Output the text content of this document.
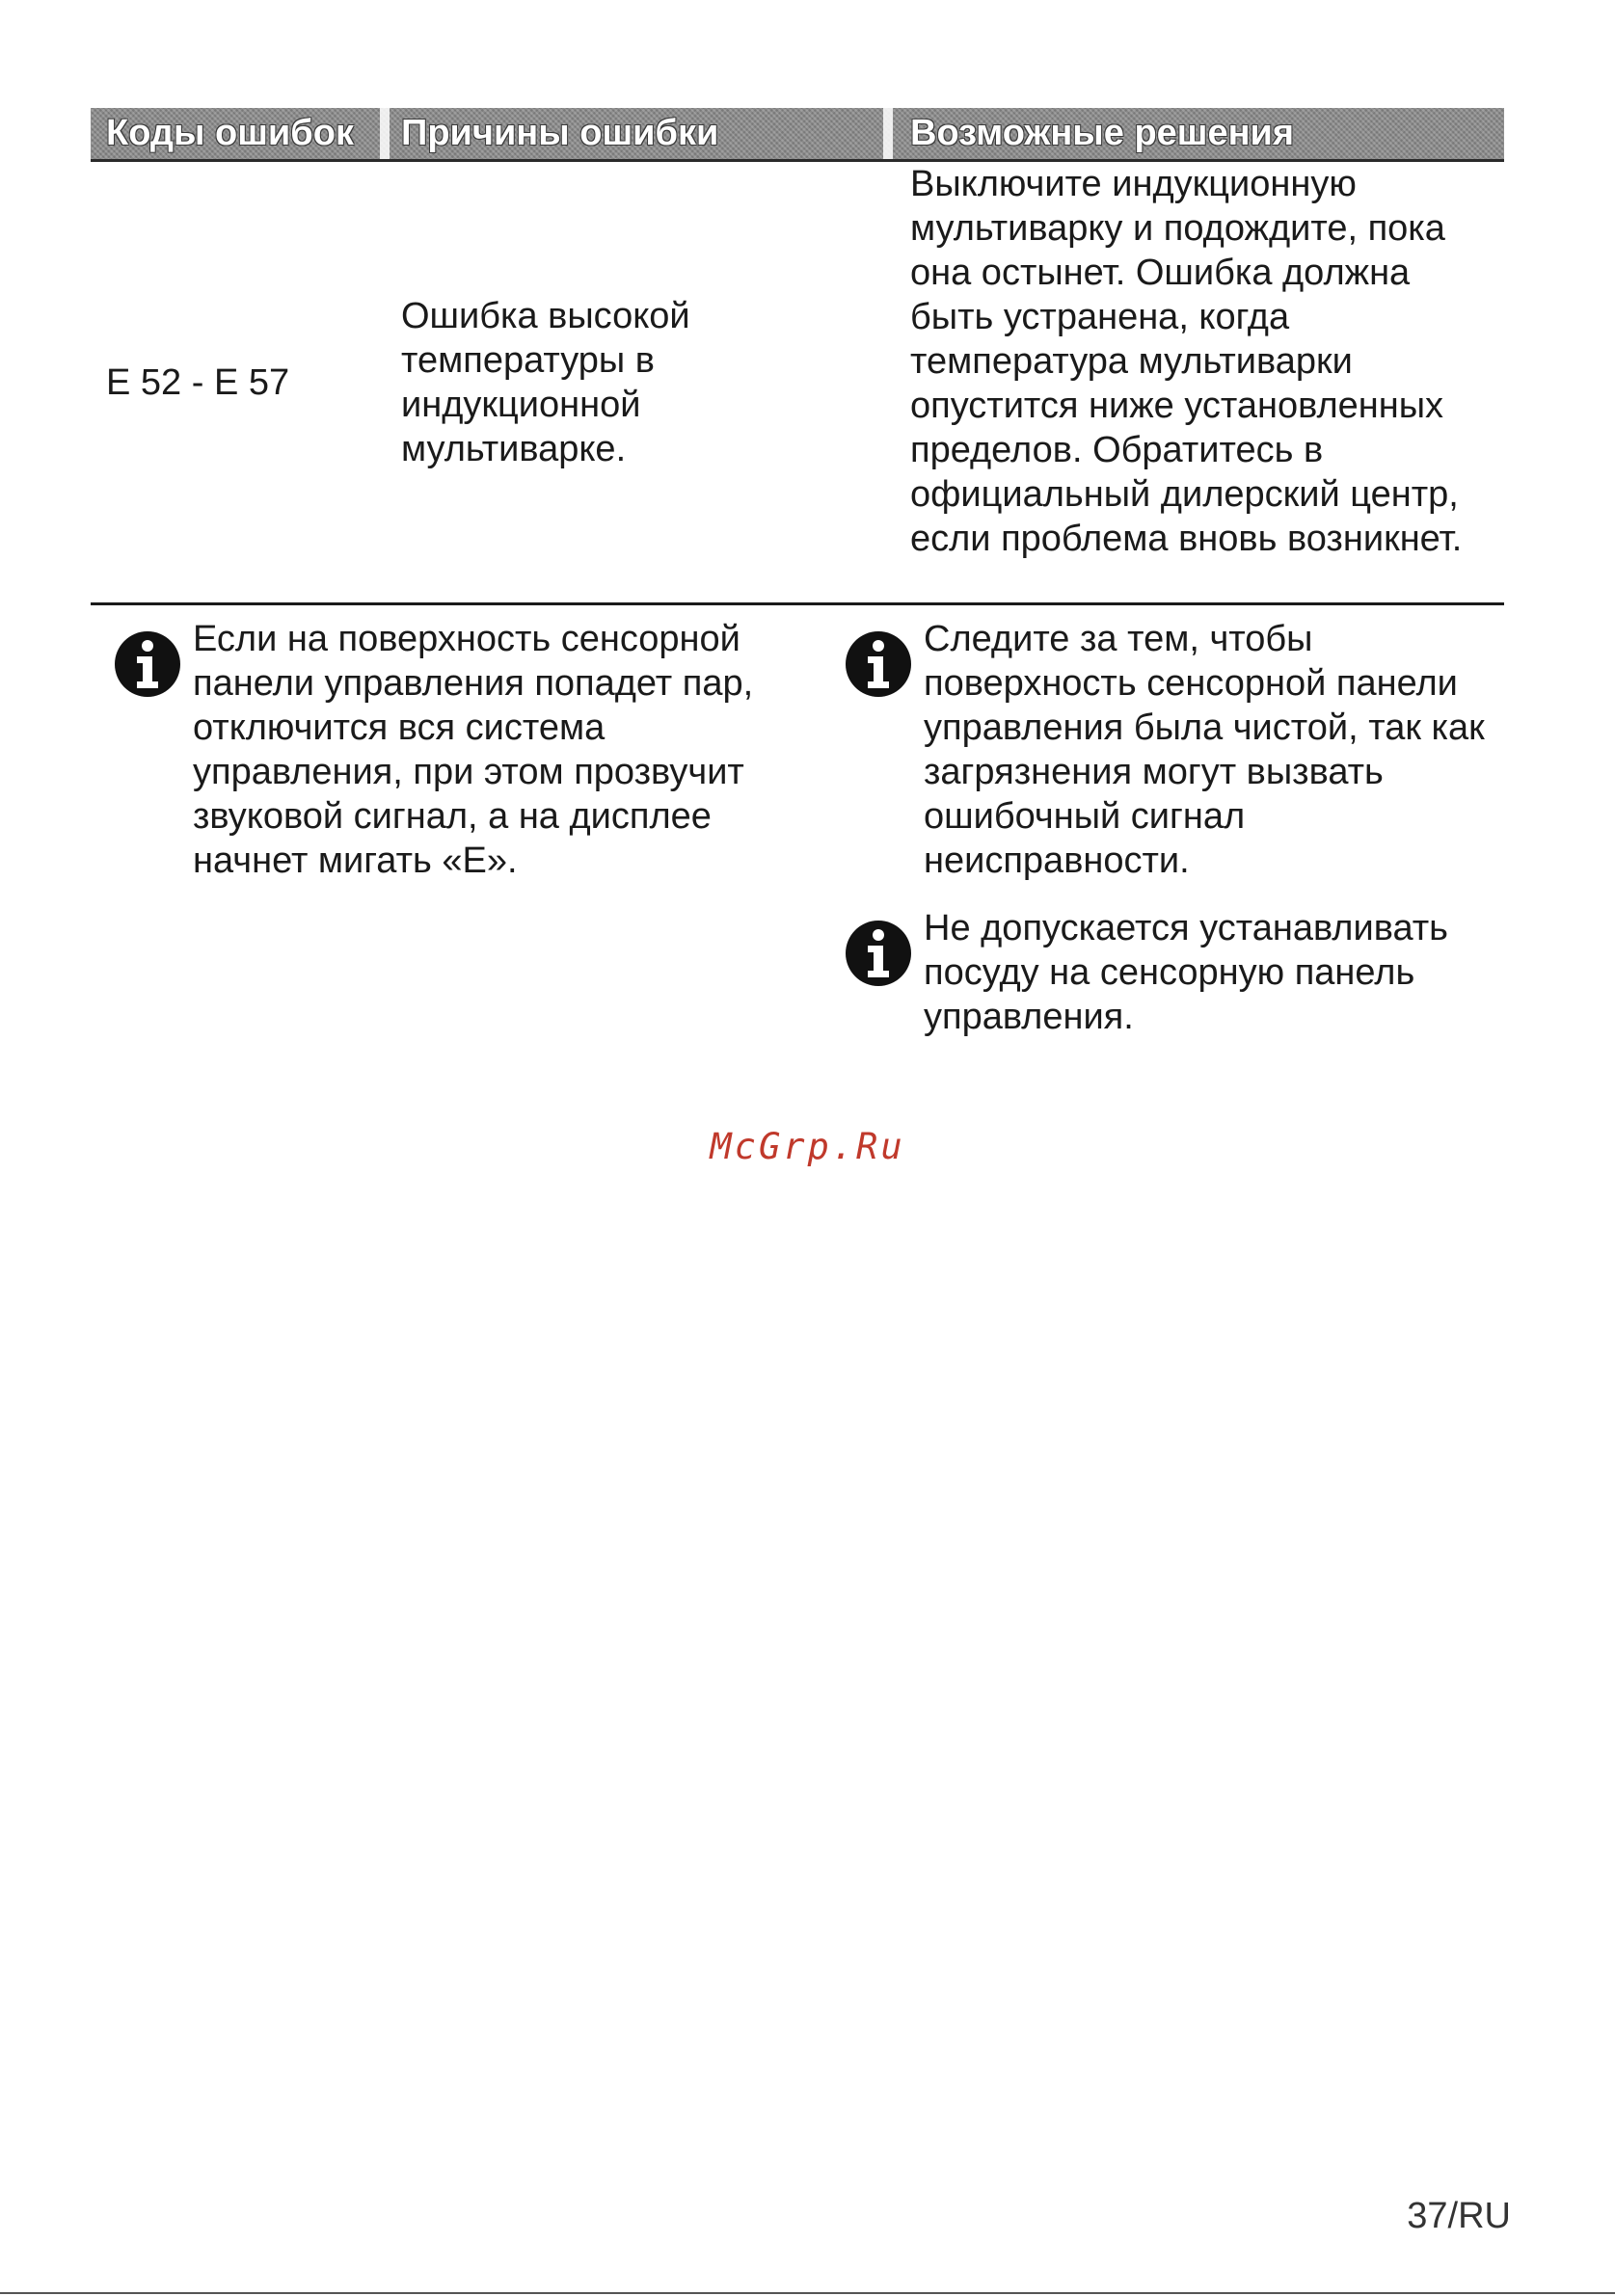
Коды ошибок Причины ошибки	Возможные решения
E 52 - E 57
Ошибка высокой температуры в индукционной мультиварке.
Выключите индукционную мультиварку и подождите, пока она остынет. Ошибка должна быть устранена, когда температура мультиварки опустится ниже установленных пределов. Обратитесь в официальный дилерский центр, если проблема вновь возникнет.
Если на поверхность сенсорной панели управления попадет пар, отключится вся система управления, при этом прозвучит звуковой сигнал, а на дисплее начнет мигать «E».
Следите за тем, чтобы поверхность сенсорной панели управления была чистой, так как загрязнения могут вызвать ошибочный сигнал неисправности.
Не допускается устанавливать посуду на сенсорную панель управления.
McGrp.Ru
37/RU
